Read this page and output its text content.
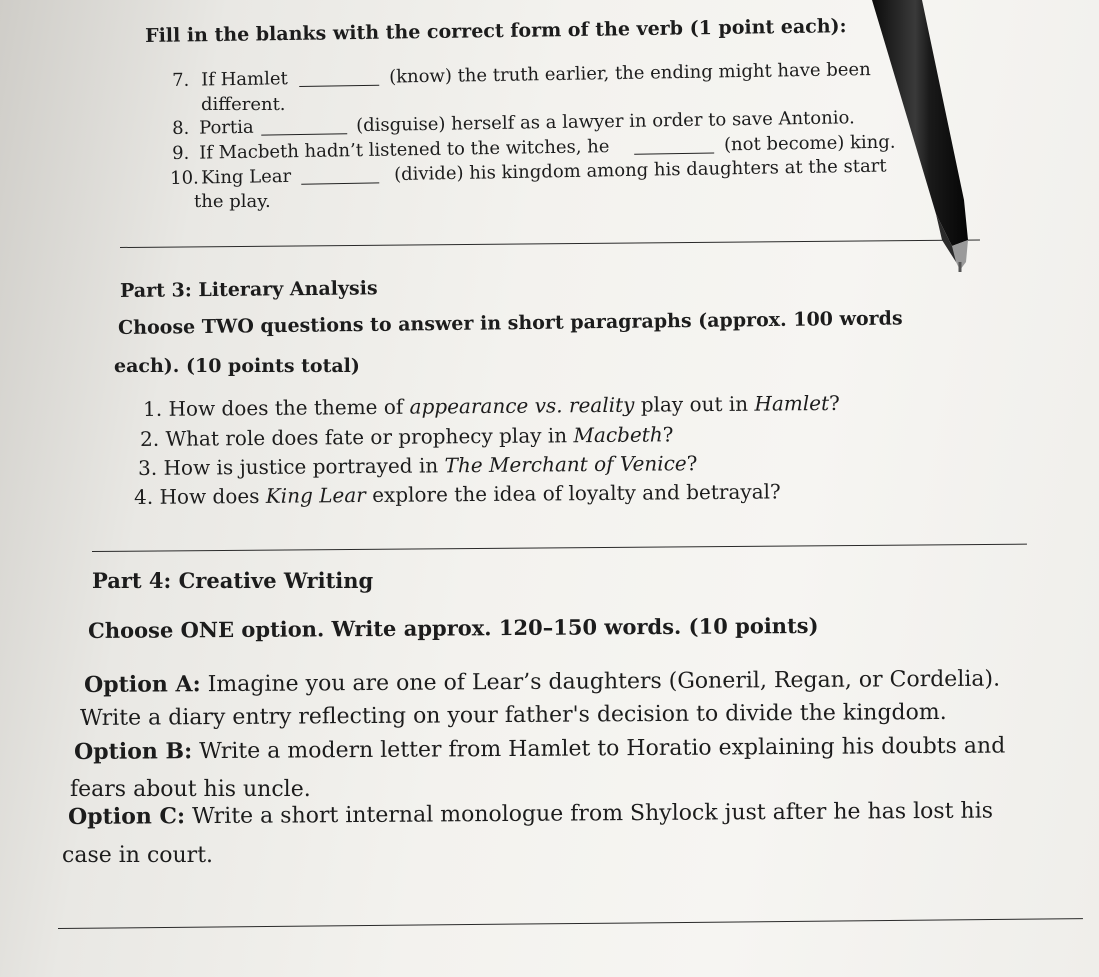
Fill in the blanks with the correct form of the verb (1 point each):
7. If Hamlet	(know) the truth earlier, the ending might have been
different.
8. Portia	(disguise) herself as a lawyer in order to save Antonio.
9. If Macbeth hadn’t listened to the witches, he	(not become) king.
10. King Lear	(divide) his kingdom among his daughters at the start
the play.
Part 3: Literary Analysis
Choose TWO questions to answer in short paragraphs (approx. 100 words
each). (10 points total)
1. How does the theme of appearance vs. reality play out in Hamlet?
2. What role does fate or prophecy play in Macbeth?
3. How is justice portrayed in The Merchant of Venice?
4. How does King Lear explore the idea of loyalty and betrayal?
Part 4: Creative Writing
Choose ONE option. Write approx. 120–150 words. (10 points)
Option A: Imagine you are one of Lear’s daughters (Goneril, Regan, or Cordelia).
Write a diary entry reflecting on your father's decision to divide the kingdom.
Option B: Write a modern letter from Hamlet to Horatio explaining his doubts and
fears about his uncle.
Option C: Write a short internal monologue from Shylock just after he has lost his
case in court.
